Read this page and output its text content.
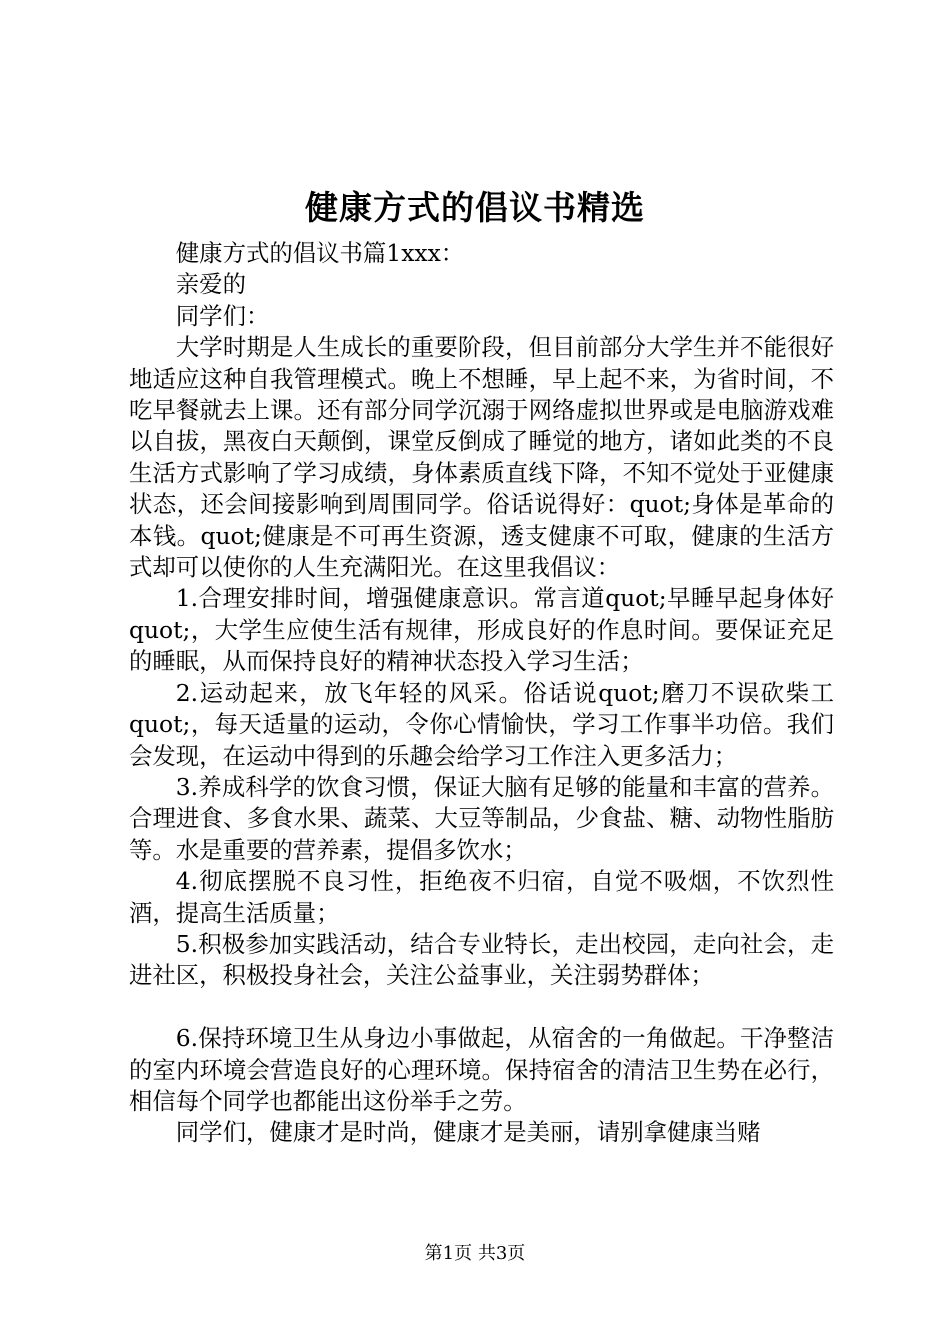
健康方式的倡议书精选

健康方式的倡议书篇1xxx：

亲爱的

同学们：

大学时期是人生成长的重要阶段，但目前部分大学生并不能很好地适应这种自我管理模式。晚上不想睡，早上起不来，为省时间，不吃早餐就去上课。还有部分同学沉溺于网络虚拟世界或是电脑游戏难以自拔，黑夜白天颠倒，课堂反倒成了睡觉的地方，诸如此类的不良生活方式影响了学习成绩，身体素质直线下降，不知不觉处于亚健康状态，还会间接影响到周围同学。俗话说得好：quot;身体是革命的本钱。quot;健康是不可再生资源，透支健康不可取，健康的生活方式却可以使你的人生充满阳光。在这里我倡议：

1.合理安排时间，增强健康意识。常言道quot;早睡早起身体好quot;，大学生应使生活有规律，形成良好的作息时间。要保证充足的睡眠，从而保持良好的精神状态投入学习生活；

2.运动起来，放飞年轻的风采。俗话说quot;磨刀不误砍柴工quot;，每天适量的运动，令你心情愉快，学习工作事半功倍。我们会发现，在运动中得到的乐趣会给学习工作注入更多活力；

3.养成科学的饮食习惯，保证大脑有足够的能量和丰富的营养。合理进食、多食水果、蔬菜、大豆等制品，少食盐、糖、动物性脂肪等。水是重要的营养素，提倡多饮水；

4.彻底摆脱不良习性，拒绝夜不归宿，自觉不吸烟，不饮烈性酒，提高生活质量；

5.积极参加实践活动，结合专业特长，走出校园，走向社会，走进社区，积极投身社会，关注公益事业，关注弱势群体；

6.保持环境卫生从身边小事做起，从宿舍的一角做起。干净整洁的室内环境会营造良好的心理环境。保持宿舍的清洁卫生势在必行，相信每个同学也都能出这份举手之劳。

同学们，健康才是时尚，健康才是美丽，请别拿健康当赌

第1页 共3页
